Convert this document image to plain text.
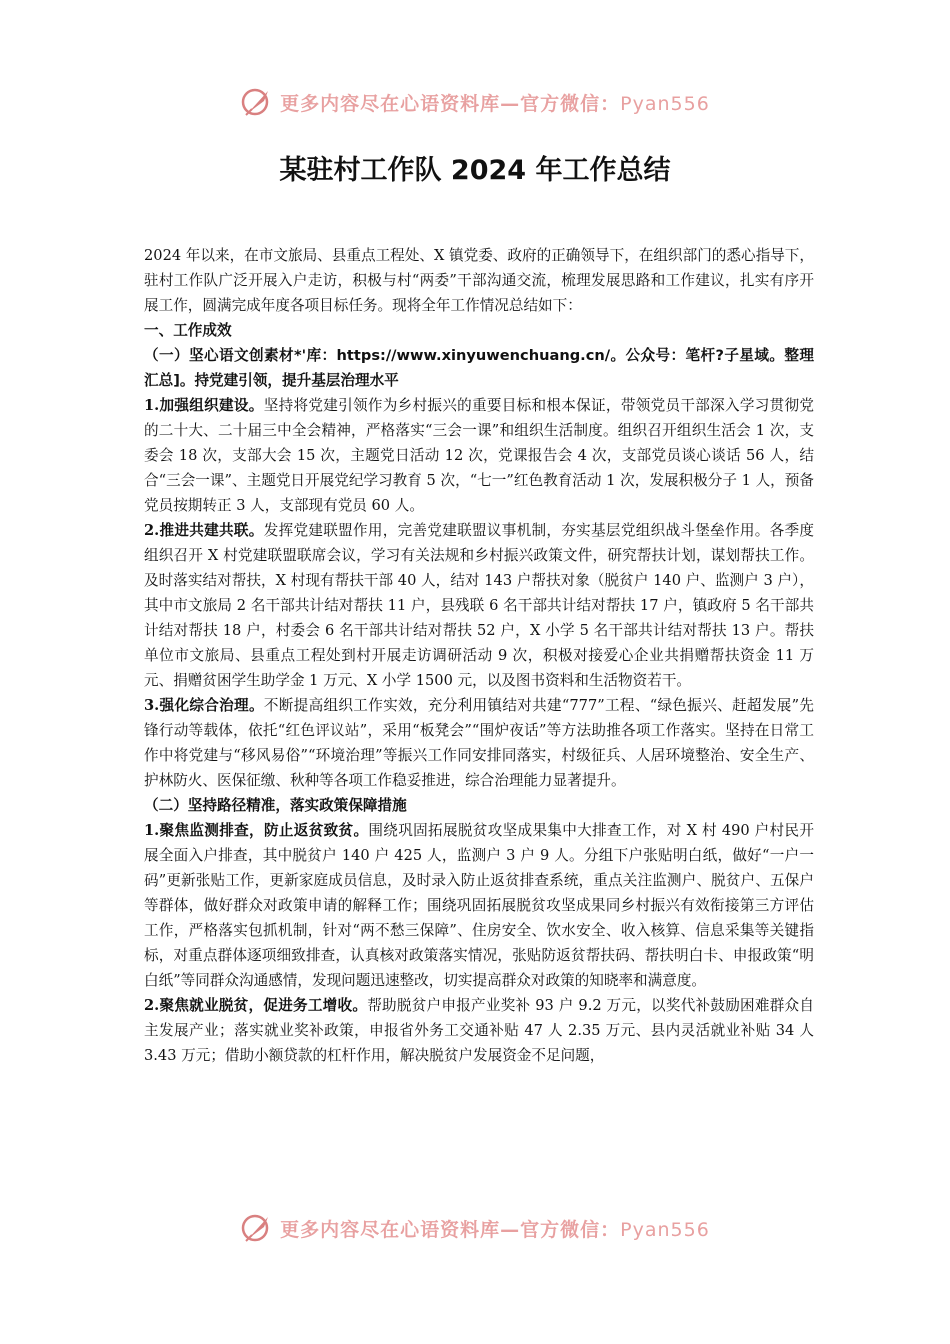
更多内容尽在心语资料库—官方微信：Pyan556
某驻村工作队 2024 年工作总结

2024 年以来，在市文旅局、县重点工程处、X 镇党委、政府的正确领导下，在组织部门的悉心指导下，驻村工作队广泛开展入户走访，积极与村“两委”干部沟通交流，梳理发展思路和工作建议，扎实有序开展工作，圆满完成年度各项目标任务。现将全年工作情况总结如下：

一、工作成效

（一）坚心语文创素材*'库：https://www.xinyuwenchuang.cn/。公众号：笔杆?子星域。整理汇总]。持党建引领，提升基层治理水平

1.加强组织建设。坚持将党建引领作为乡村振兴的重要目标和根本保证，带领党员干部深入学习贯彻党的二十大、二十届三中全会精神，严格落实“三会一课”和组织生活制度。组织召开组织生活会 1 次，支委会 18 次，支部大会 15 次，主题党日活动 12 次，党课报告会 4 次，支部党员谈心谈话 56 人，结合“三会一课”、主题党日开展党纪学习教育 5 次，“七一”红色教育活动 1 次，发展积极分子 1 人，预备党员按期转正 3 人，支部现有党员 60 人。

2.推进共建共联。发挥党建联盟作用，完善党建联盟议事机制，夯实基层党组织战斗堡垒作用。各季度组织召开 X 村党建联盟联席会议，学习有关法规和乡村振兴政策文件，研究帮扶计划，谋划帮扶工作。及时落实结对帮扶，X 村现有帮扶干部 40 人，结对 143 户帮扶对象（脱贫户 140 户、监测户 3 户），其中市文旅局 2 名干部共计结对帮扶 11 户，县残联 6 名干部共计结对帮扶 17 户，镇政府 5 名干部共计结对帮扶 18 户，村委会 6 名干部共计结对帮扶 52 户，X 小学 5 名干部共计结对帮扶 13 户。帮扶单位市文旅局、县重点工程处到村开展走访调研活动 9 次，积极对接爱心企业共捐赠帮扶资金 11 万元、捐赠贫困学生助学金 1 万元、X 小学 1500 元，以及图书资料和生活物资若干。

3.强化综合治理。不断提高组织工作实效，充分利用镇结对共建“777”工程、“绿色振兴、赶超发展”先锋行动等载体，依托“红色评议站”，采用“板凳会”“围炉夜话”等方法助推各项工作落实。坚持在日常工作中将党建与“移风易俗”“环境治理”等振兴工作同安排同落实，村级征兵、人居环境整治、安全生产、护林防火、医保征缴、秋种等各项工作稳妥推进，综合治理能力显著提升。

（二）坚持路径精准，落实政策保障措施

1.聚焦监测排查，防止返贫致贫。围绕巩固拓展脱贫攻坚成果集中大排查工作，对 X 村 490 户村民开展全面入户排查，其中脱贫户 140 户 425 人，监测户 3 户 9 人。分组下户张贴明白纸，做好“一户一码”更新张贴工作，更新家庭成员信息，及时录入防止返贫排查系统，重点关注监测户、脱贫户、五保户等群体，做好群众对政策申请的解释工作；围绕巩固拓展脱贫攻坚成果同乡村振兴有效衔接第三方评估工作，严格落实包抓机制，针对“两不愁三保障”、住房安全、饮水安全、收入核算、信息采集等关键指标，对重点群体逐项细致排查，认真核对政策落实情况，张贴防返贫帮扶码、帮扶明白卡、申报政策“明白纸”等同群众沟通感情，发现问题迅速整改，切实提高群众对政策的知晓率和满意度。

2.聚焦就业脱贫，促进务工增收。帮助脱贫户申报产业奖补 93 户 9.2 万元，以奖代补鼓励困难群众自主发展产业；落实就业奖补政策，申报省外务工交通补贴 47 人 2.35 万元、县内灵活就业补贴 34 人 3.43 万元；借助小额贷款的杠杆作用，解决脱贫户发展资金不足问题，

更多内容尽在心语资料库—官方微信：Pyan556
